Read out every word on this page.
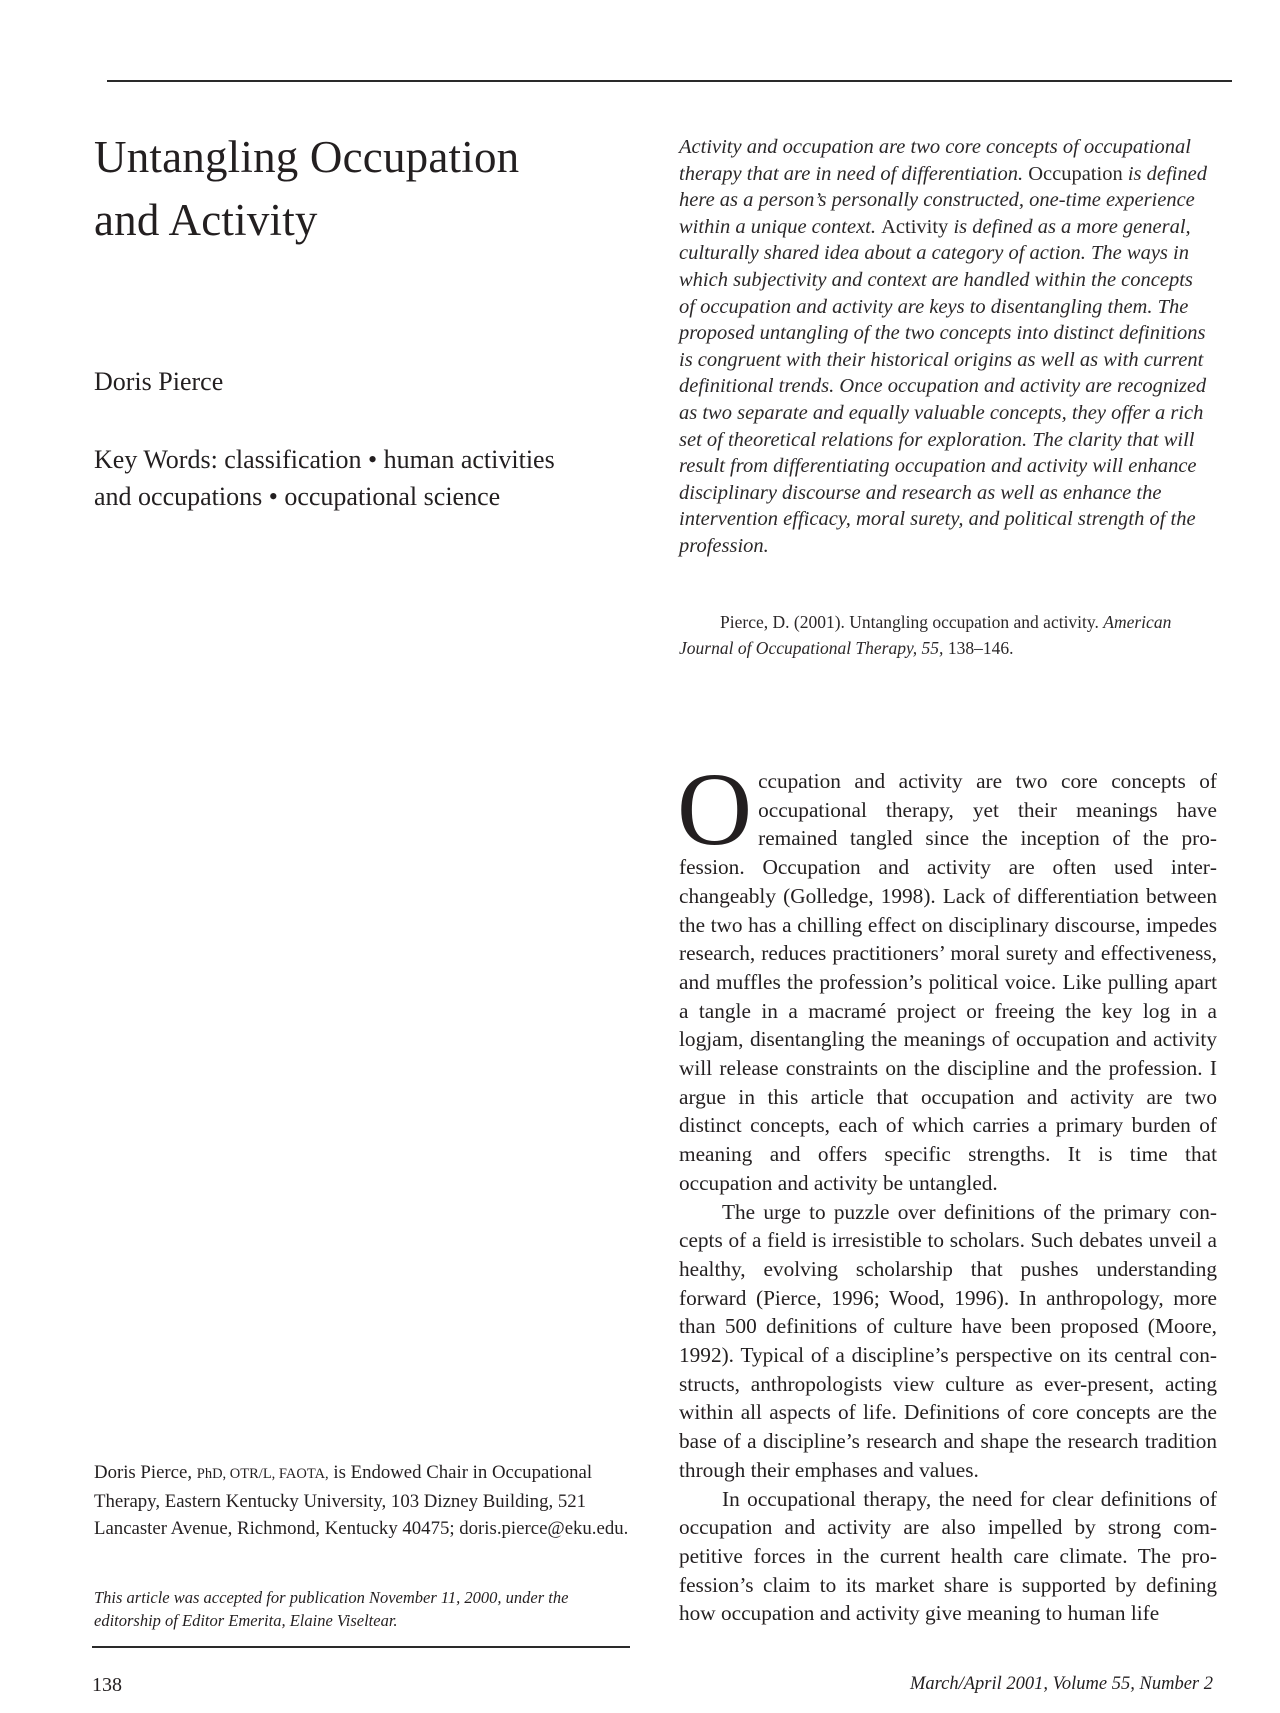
Untangling Occupation
and Activity

Doris Pierce

Key Words: classification • human activities
and occupations • occupational science

Activity and occupation are two core concepts of occupational therapy that are in need of differentiation. Occupation is defined here as a person’s personally constructed, one-time experience within a unique context. Activity is defined as a more general, culturally shared idea about a category of action. The ways in which subjectivity and context are handled within the concepts of occupation and activity are keys to disentangling them. The proposed untangling of the two concepts into distinct definitions is congruent with their historical origins as well as with current definitional trends. Once occupation and activity are recognized as two separate and equally valuable concepts, they offer a rich set of theoretical relations for exploration. The clarity that will result from differentiating occupation and activity will enhance disciplinary discourse and research as well as enhance the intervention efficacy, moral surety, and political strength of the profession.

Pierce, D. (2001). Untangling occupation and activity. American Journal of Occupational Therapy, 55, 138–146.

Occupation and activity are two core concepts of occupational therapy, yet their meanings have remained tangled since the inception of the profession. Occupation and activity are often used interchangeably (Golledge, 1998). Lack of differentiation between the two has a chilling effect on disciplinary discourse, impedes research, reduces practitioners’ moral surety and effectiveness, and muffles the profession’s political voice. Like pulling apart a tangle in a macramé project or freeing the key log in a logjam, disentangling the meanings of occupation and activity will release constraints on the discipline and the profession. I argue in this article that occupation and activity are two distinct concepts, each of which carries a primary burden of meaning and offers specific strengths. It is time that occupation and activity be untangled.

The urge to puzzle over definitions of the primary concepts of a field is irresistible to scholars. Such debates unveil a healthy, evolving scholarship that pushes understanding forward (Pierce, 1996; Wood, 1996). In anthropology, more than 500 definitions of culture have been proposed (Moore, 1992). Typical of a discipline’s perspective on its central constructs, anthropologists view culture as ever-present, acting within all aspects of life. Definitions of core concepts are the base of a discipline’s research and shape the research tradition through their emphases and values.

In occupational therapy, the need for clear definitions of occupation and activity are also impelled by strong competitive forces in the current health care climate. The profession’s claim to its market share is supported by defining how occupation and activity give meaning to human life

Doris Pierce, PhD, OTR/L, FAOTA, is Endowed Chair in Occupational Therapy, Eastern Kentucky University, 103 Dizney Building, 521 Lancaster Avenue, Richmond, Kentucky 40475; doris.pierce@eku.edu.

This article was accepted for publication November 11, 2000, under the editorship of Editor Emerita, Elaine Viseltear.

138	March/April 2001, Volume 55, Number 2
